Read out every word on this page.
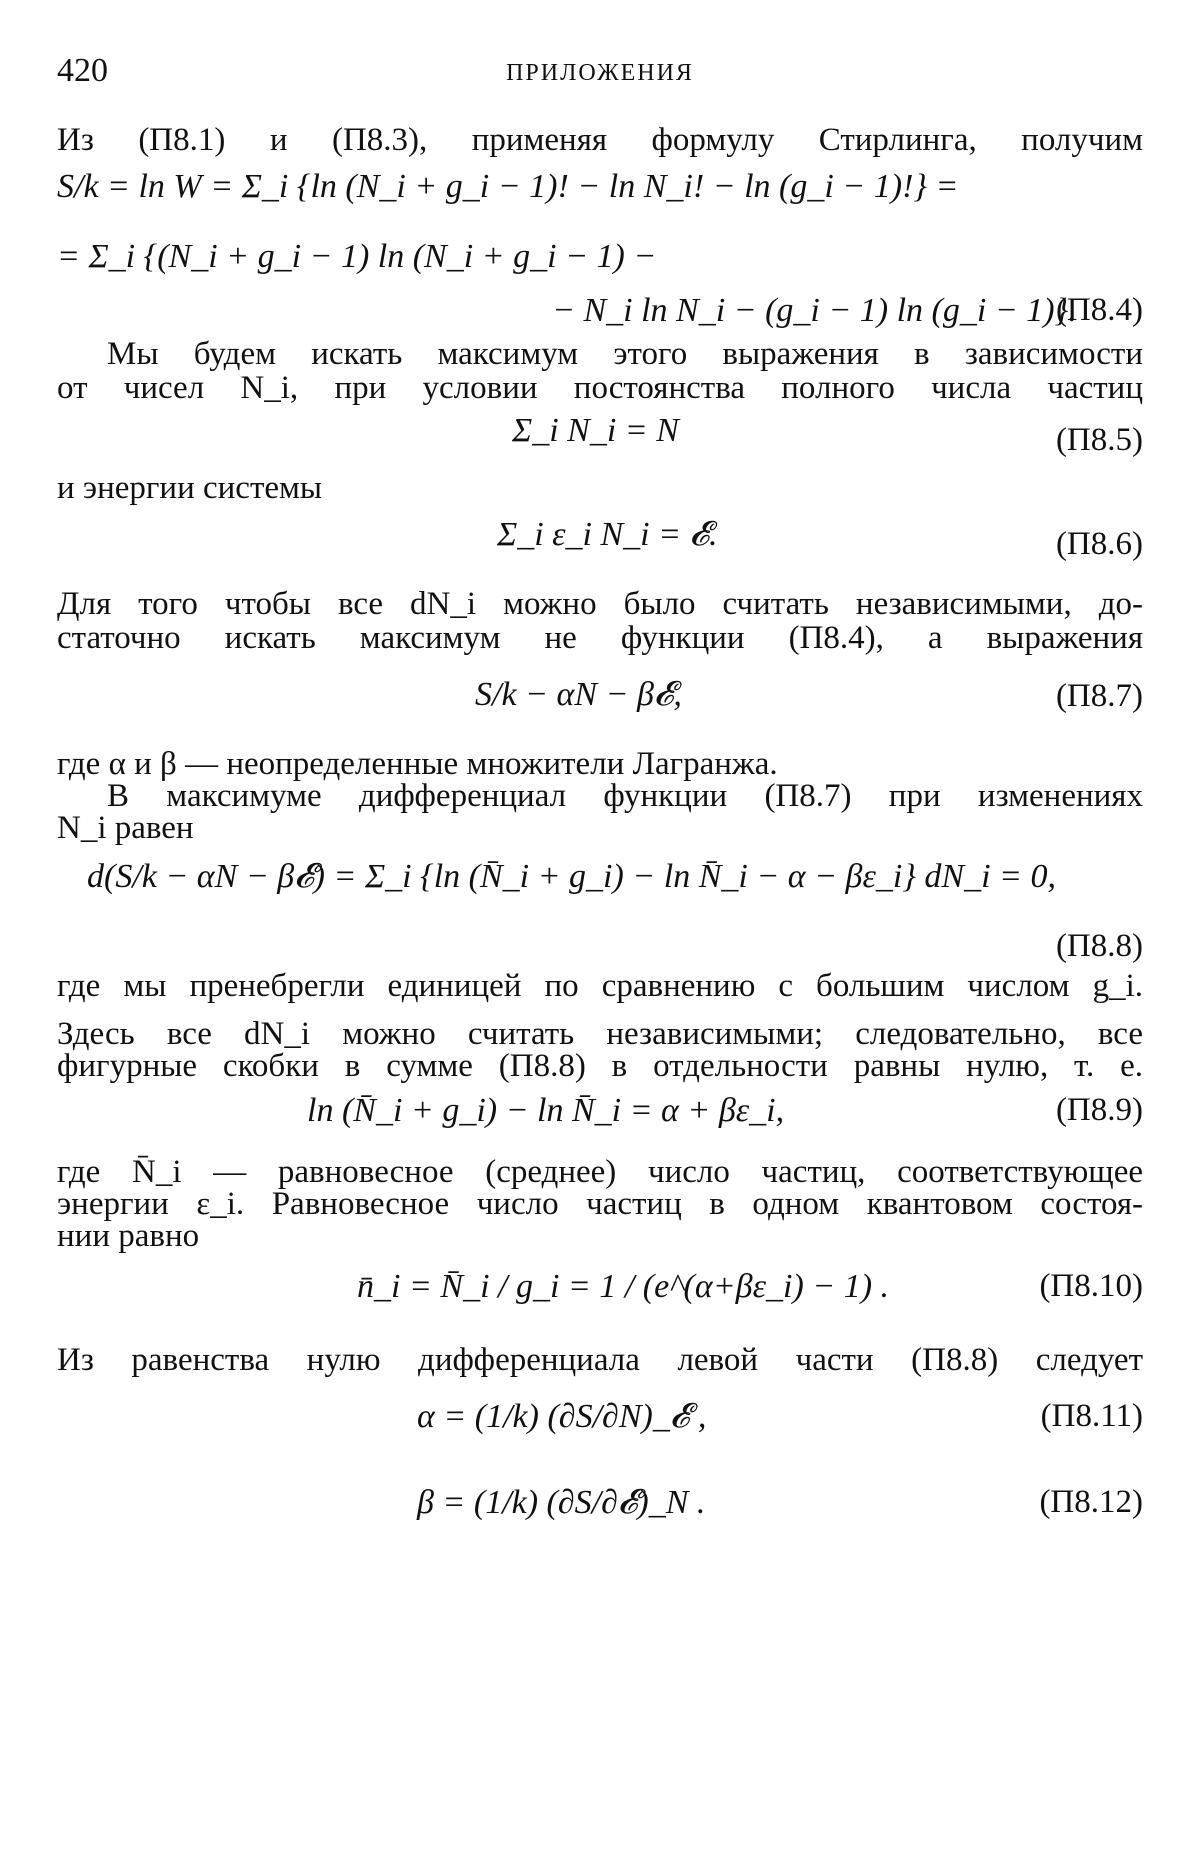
420	ПРИЛОЖЕНИЯ
Из (П8.1) и (П8.3), применяя формулу Стирлинга, получим
S/k = ln W = Σ_i {ln (N_i + g_i − 1)! − ln N_i! − ln (g_i − 1)!} =
= Σ_i {(N_i + g_i − 1) ln (N_i + g_i − 1) −
− N_i ln N_i − (g_i − 1) ln (g_i − 1)}.
(П8.4)
Мы будем искать максимум этого выражения в зависимости
от чисел N_i, при условии постоянства полного числа частиц
Σ_i N_i = N	(П8.5)
и энергии системы
Σ_i ε_i N_i = 𝓔.	(П8.6)
Для того чтобы все dN_i можно было считать независимыми, до-
статочно искать максимум не функции (П8.4), а выражения
S/k − αN − β𝓔,	(П8.7)
где α и β — неопределенные множители Лагранжа.
В максимуме дифференциал функции (П8.7) при изменениях
N_i равен
d(S/k − αN − β𝓔) = Σ_i {ln (N̄_i + g_i) − ln N̄_i − α − βε_i} dN_i = 0,
(П8.8)
где мы пренебрегли единицей по сравнению с большим числом g_i.
Здесь все dN_i можно считать независимыми; следовательно, все
фигурные скобки в сумме (П8.8) в отдельности равны нулю, т. е.
ln (N̄_i + g_i) − ln N̄_i = α + βε_i,	(П8.9)
где N̄_i — равновесное (среднее) число частиц, соответствующее
энергии ε_i. Равновесное число частиц в одном квантовом состоя-
нии равно
n̄_i = N̄_i / g_i = 1 / (e^(α+βε_i) − 1) .	(П8.10)
Из равенства нулю дифференциала левой части (П8.8) следует
α = (1/k) (∂S/∂N)_𝓔 ,	(П8.11)
β = (1/k) (∂S/∂𝓔)_N .	(П8.12)
